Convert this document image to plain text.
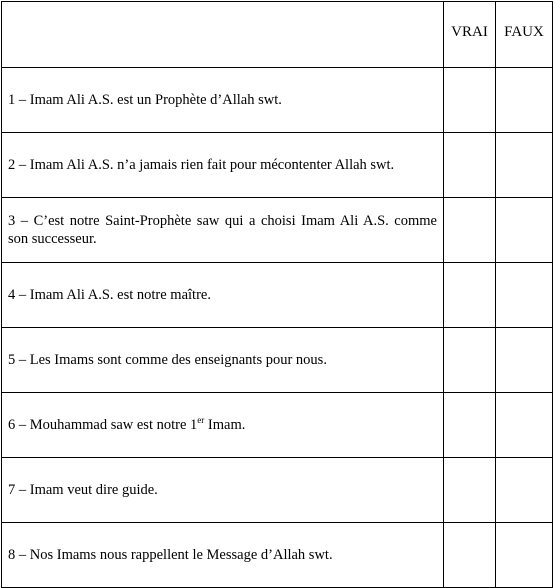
	VRAI	FAUX
1 – Imam Ali A.S. est un Prophète d’Allah swt.		
2 – Imam Ali A.S. n’a jamais rien fait pour mécontenter Allah swt.		
3 – C’est notre Saint-Prophète saw qui a choisi Imam Ali A.S. comme son successeur.		
4 – Imam Ali A.S. est notre maître.		
5 – Les Imams sont comme des enseignants pour nous.		
6 – Mouhammad saw est notre 1er Imam.		
7 – Imam veut dire guide.		
8 – Nos Imams nous rappellent le Message d’Allah swt.		
